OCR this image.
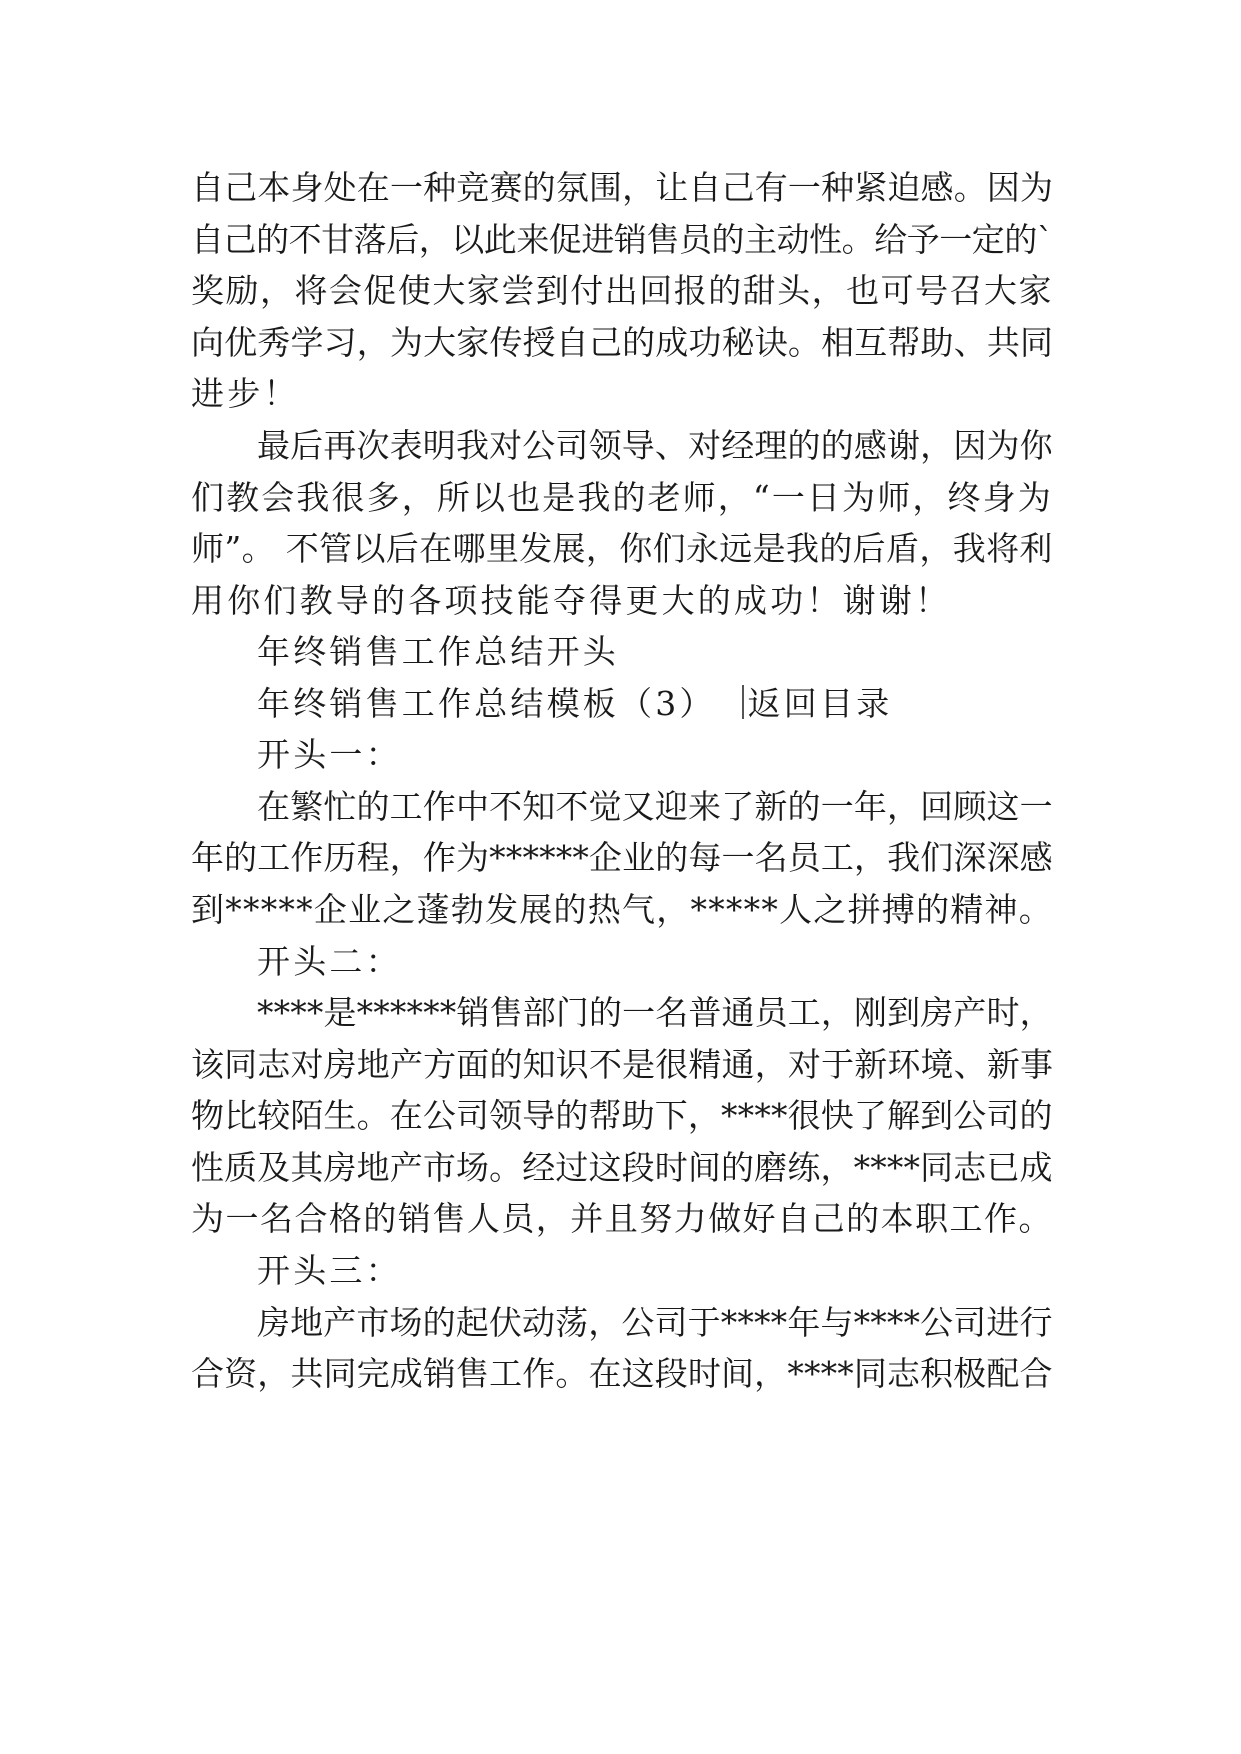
自己本身处在一种竞赛的氛围，让自己有一种紧迫感。因为
自己的不甘落后，以此来促进销售员的主动性。给予一定的`
奖励，将会促使大家尝到付出回报的甜头，也可号召大家
向优秀学习，为大家传授自己的成功秘诀。相互帮助、共同
进步！
最后再次表明我对公司领导、对经理的的感谢，因为你
们教会我很多，所以也是我的老师，“一日为师，终身为
师”。 不管以后在哪里发展，你们永远是我的后盾，我将利
用你们教导的各项技能夺得更大的成功！谢谢！
年终销售工作总结开头
年终销售工作总结模板（3） 返回目录
开头一：
在繁忙的工作中不知不觉又迎来了新的一年，回顾这一
年的工作历程，作为******企业的每一名员工，我们深深感
到*****企业之蓬勃发展的热气，*****人之拼搏的精神。
开头二：
****是******销售部门的一名普通员工，刚到房产时，
该同志对房地产方面的知识不是很精通，对于新环境、新事
物比较陌生。在公司领导的帮助下，****很快了解到公司的
性质及其房地产市场。经过这段时间的磨练，****同志已成
为一名合格的销售人员，并且努力做好自己的本职工作。
开头三：
房地产市场的起伏动荡，公司于****年与****公司进行
合资，共同完成销售工作。在这段时间，****同志积极配合
